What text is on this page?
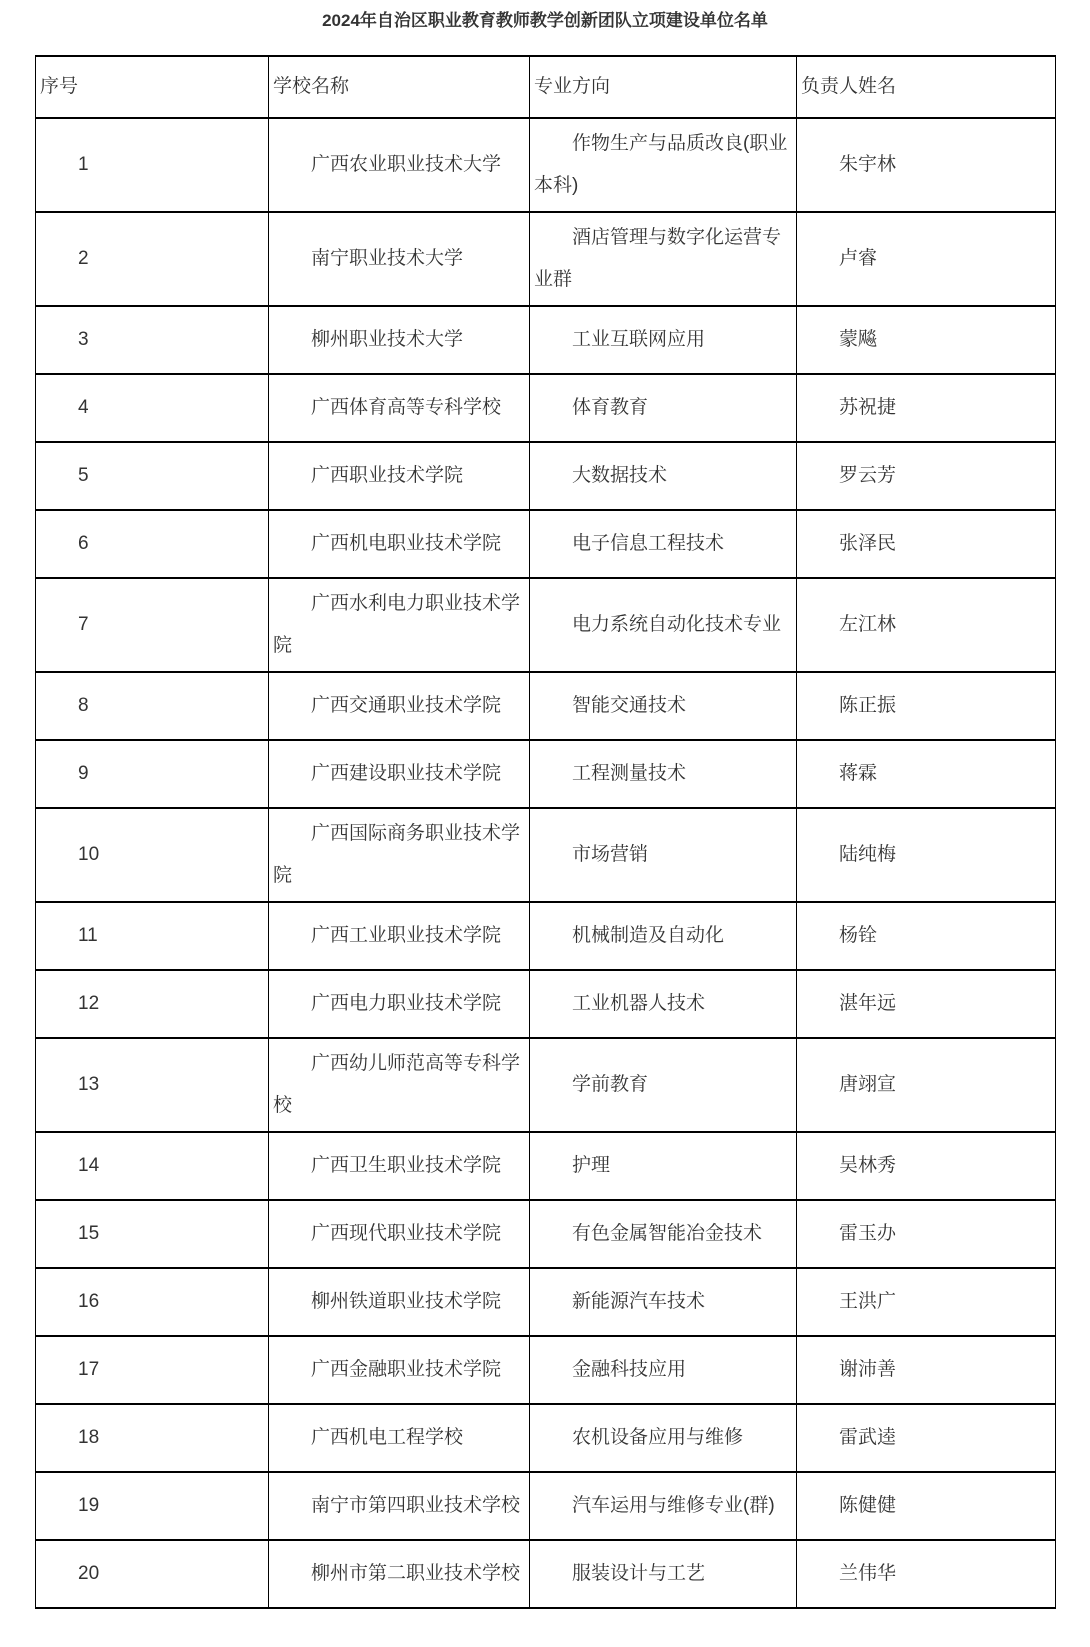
2024年自治区职业教育教师教学创新团队立项建设单位名单
序号	学校名称	专业方向	负责人姓名
1	广西农业职业技术大学	作物生产与品质改良(职业本科)	朱宇林
2	南宁职业技术大学	酒店管理与数字化运营专业群	卢睿
3	柳州职业技术大学	工业互联网应用	蒙飚
4	广西体育高等专科学校	体育教育	苏祝捷
5	广西职业技术学院	大数据技术	罗云芳
6	广西机电职业技术学院	电子信息工程技术	张泽民
7	广西水利电力职业技术学院	电力系统自动化技术专业	左江林
8	广西交通职业技术学院	智能交通技术	陈正振
9	广西建设职业技术学院	工程测量技术	蒋霖
10	广西国际商务职业技术学院	市场营销	陆纯梅
11	广西工业职业技术学院	机械制造及自动化	杨铨
12	广西电力职业技术学院	工业机器人技术	湛年远
13	广西幼儿师范高等专科学校	学前教育	唐翊宣
14	广西卫生职业技术学院	护理	吴林秀
15	广西现代职业技术学院	有色金属智能冶金技术	雷玉办
16	柳州铁道职业技术学院	新能源汽车技术	王洪广
17	广西金融职业技术学院	金融科技应用	谢沛善
18	广西机电工程学校	农机设备应用与维修	雷武逵
19	南宁市第四职业技术学校	汽车运用与维修专业(群)	陈健健
20	柳州市第二职业技术学校	服装设计与工艺	兰伟华
